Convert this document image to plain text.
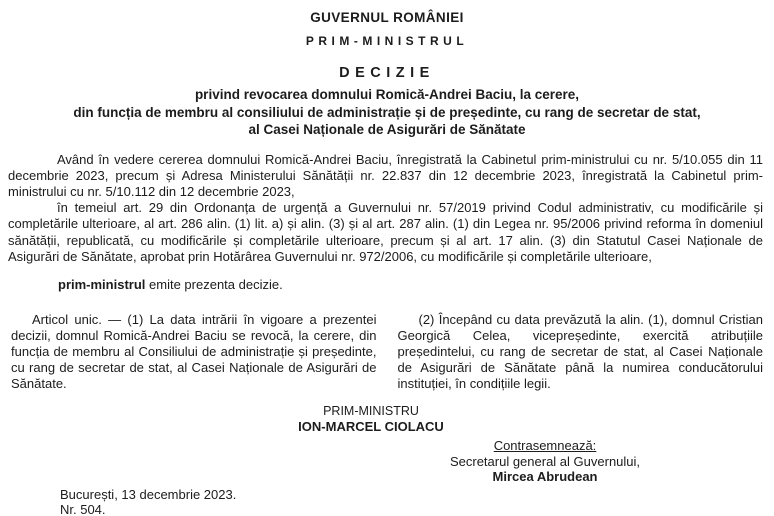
GUVERNUL ROMÂNIEI
PRIM-MINISTRUL
DECIZIE
privind revocarea domnului Romică-Andrei Baciu, la cerere,
din funcția de membru al consiliului de administrație și de președinte, cu rang de secretar de stat,
al Casei Naționale de Asigurări de Sănătate

Având în vedere cererea domnului Romică-Andrei Baciu, înregistrată la Cabinetul prim-ministrului cu nr. 5/10.055 din 11 decembrie 2023, precum și Adresa Ministerului Sănătății nr. 22.837 din 12 decembrie 2023, înregistrată la Cabinetul prim-ministrului cu nr. 5/10.112 din 12 decembrie 2023,

în temeiul art. 29 din Ordonanța de urgență a Guvernului nr. 57/2019 privind Codul administrativ, cu modificările și completările ulterioare, al art. 286 alin. (1) lit. a) și alin. (3) și al art. 287 alin. (1) din Legea nr. 95/2006 privind reforma în domeniul sănătății, republicată, cu modificările și completările ulterioare, precum și al art. 17 alin. (3) din Statutul Casei Naționale de Asigurări de Sănătate, aprobat prin Hotărârea Guvernului nr. 972/2006, cu modificările și completările ulterioare,

prim-ministrul emite prezenta decizie.
Articol unic. — (1) La data intrării în vigoare a prezentei decizii, domnul Romică-Andrei Baciu se revocă, la cerere, din funcția de membru al Consiliului de administrație și președinte, cu rang de secretar de stat, al Casei Naționale de Asigurări de Sănătate.
(2) Începând cu data prevăzută la alin. (1), domnul Cristian Georgică Celea, vicepreședinte, exercită atribuțiile președintelui, cu rang de secretar de stat, al Casei Naționale de Asigurări de Sănătate până la numirea conducătorului instituției, în condițiile legii.
PRIM-MINISTRU
ION-MARCEL CIOLACU
Contrasemnează:
Secretarul general al Guvernului,
Mircea Abrudean
București, 13 decembrie 2023.
Nr. 504.
